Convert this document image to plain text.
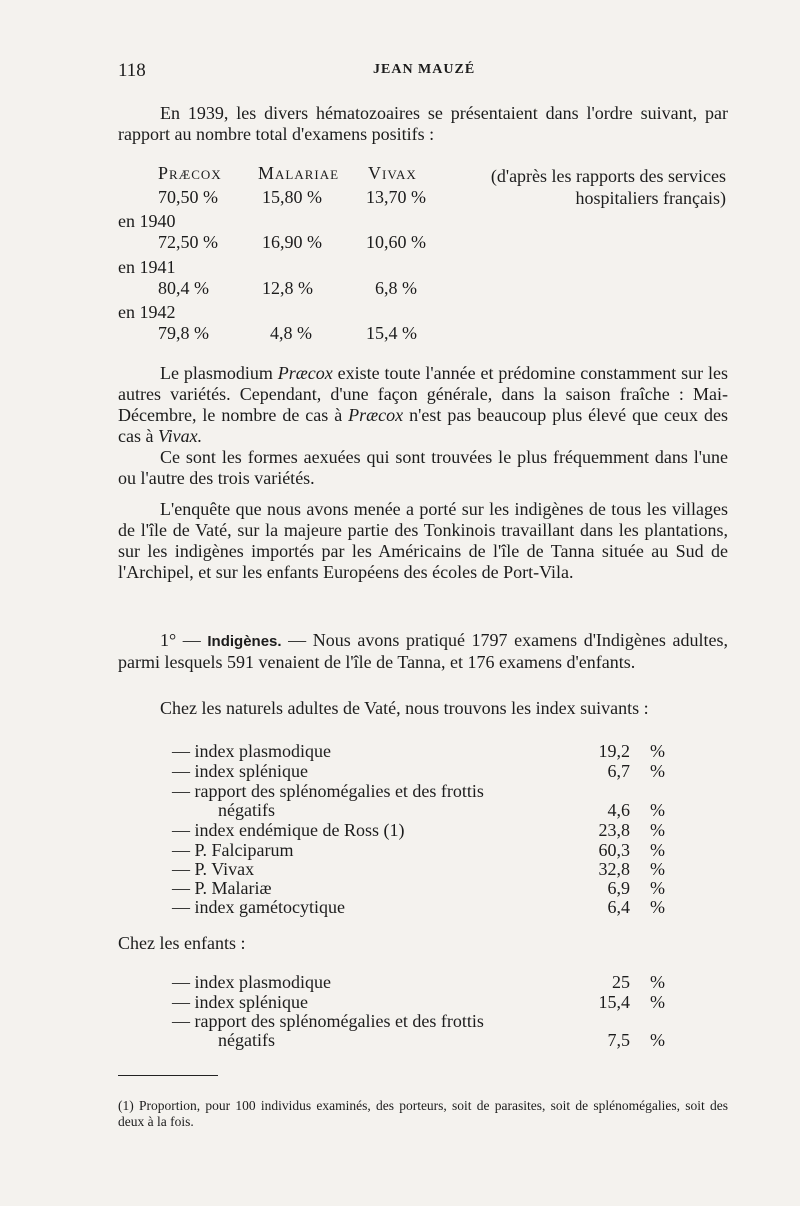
118	JEAN MAUZÉ

En 1939, les divers hématozoaires se présentaient dans l'ordre suivant, par rapport au nombre total d'examens positifs :

Præcox Malariae Vivax	(d'après les rapports des services hospitaliers français)
70,50 % 15,80 % 13,70 %
en 1940
72,50 % 16,90 % 10,60 %
en 1941
80,4 %	12,8 %	6,8 %
en 1942
79,8 %	4,8 %	15,4 %

Le plasmodium Præcox existe toute l'année et prédomine constamment sur les autres variétés. Cependant, d'une façon générale, dans la saison fraîche : Mai-Décembre, le nombre de cas à Præcox n'est pas beaucoup plus élevé que ceux des cas à Vivax.

Ce sont les formes aexuées qui sont trouvées le plus fréquemment dans l'une ou l'autre des trois variétés.

L'enquête que nous avons menée a porté sur les indigènes de tous les villages de l'île de Vaté, sur la majeure partie des Tonkinois travaillant dans les plantations, sur les indigènes importés par les Américains de l'île de Tanna située au Sud de l'Archipel, et sur les enfants Européens des écoles de Port-Vila.

1° — Indigènes. — Nous avons pratiqué 1797 examens d'Indigènes adultes, parmi lesquels 591 venaient de l'île de Tanna, et 176 examens d'enfants.

Chez les naturels adultes de Vaté, nous trouvons les index suivants :

— index plasmodique	19,2 %
— index splénique	6,7 %
— rapport des splénomégalies et des frottis
négatifs	4,6 %
— index endémique de Ross (1)	23,8 %
— P. Falciparum	60,3 %
— P. Vivax	32,8 %
— P. Malariæ	6,9 %
— index gamétocytique	6,4 %

Chez les enfants :

— index plasmodique	25 %
— index splénique	15,4 %
— rapport des splénomégalies et des frottis
négatifs	7,5 %

(1) Proportion, pour 100 individus examinés, des porteurs, soit de parasites, soit de splénomégalies, soit des deux à la fois.
